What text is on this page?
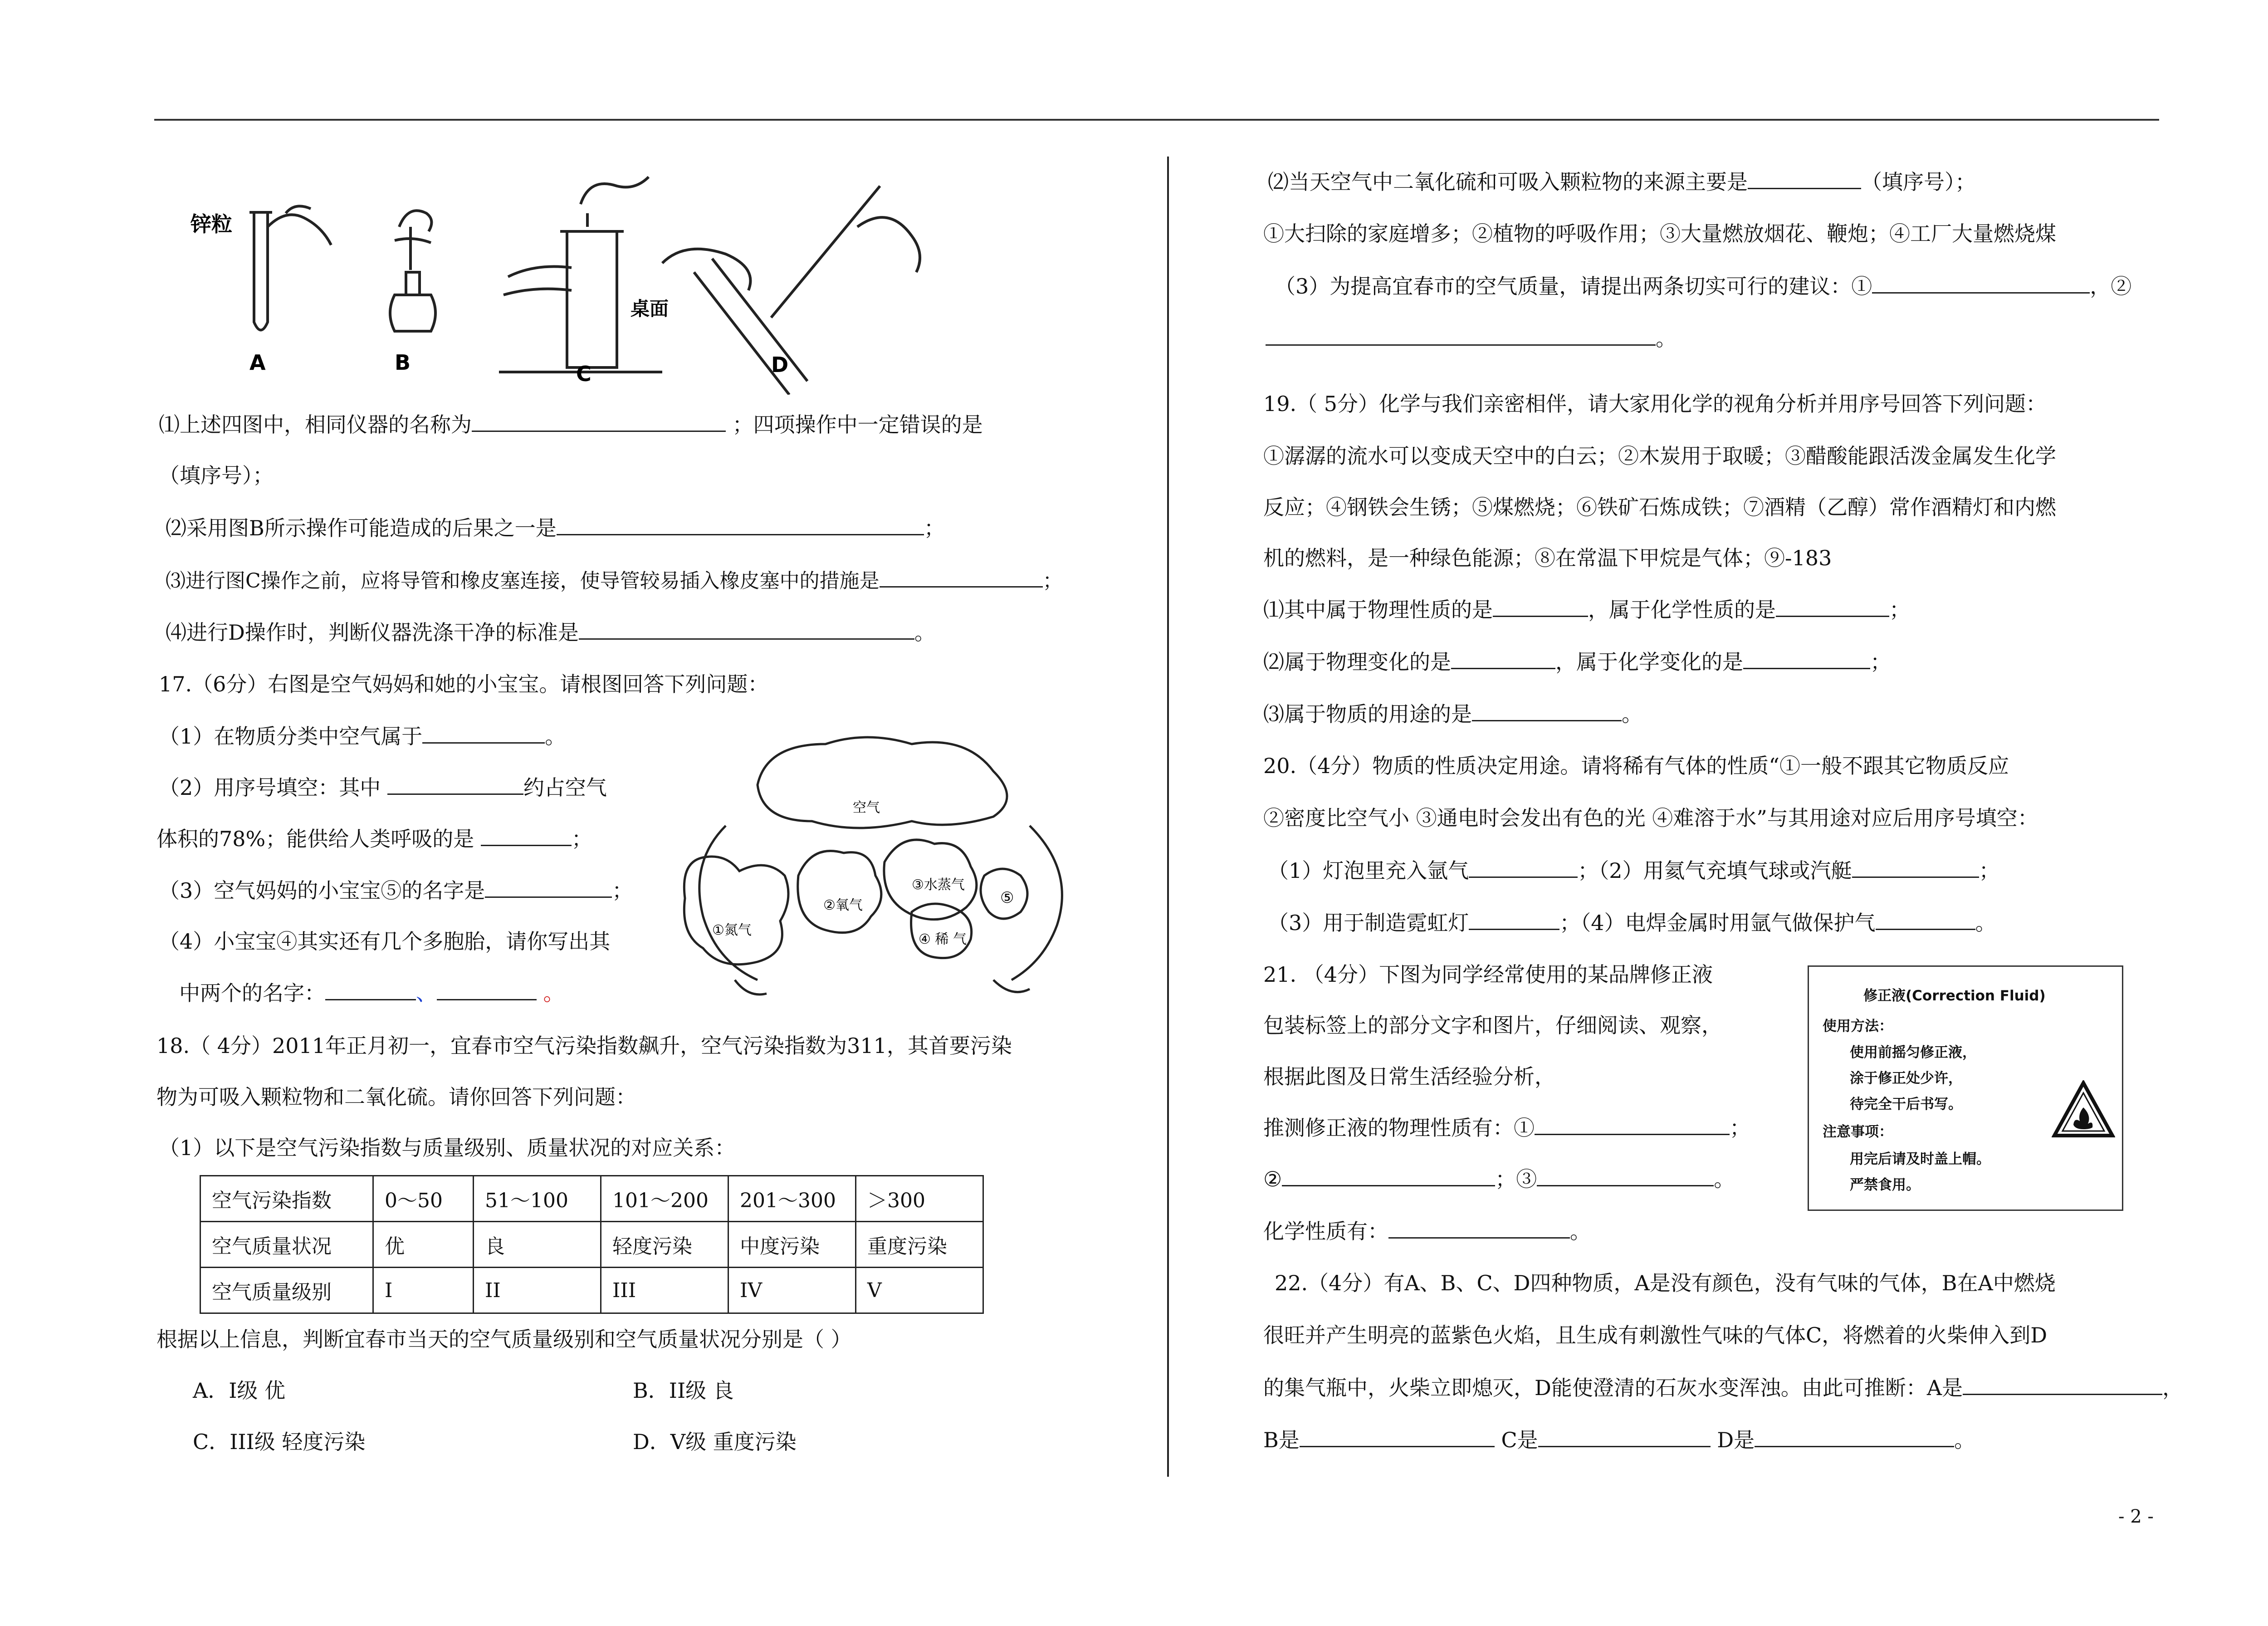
锌粒
桌面
A	B	C	D
⑴上述四图中，相同仪器的名称为	；四项操作中一定错误的是
（填序号）；
⑵采用图B所示操作可能造成的后果之一是	；
⑶进行图C操作之前，应将导管和橡皮塞连接，使导管较易插入橡皮塞中的措施是	；
⑷进行D操作时，判断仪器洗涤干净的标准是	。
17.（6分）右图是空气妈妈和她的小宝宝。请根图回答下列问题：
（1）在物质分类中空气属于	。
（2）用序号填空：其中	约占空气
体积的78%；能供给人类呼吸的是	；
（3）空气妈妈的小宝宝⑤的名字是	；
（4）小宝宝④其实还有几个多胞胎，请你写出其
中两个的名字：	、	。
空气
①氮气
②氧气
③水蒸气
④ 稀 气
⑤
18.（ 4分）2011年正月初一，宜春市空气污染指数飙升，空气污染指数为311，其首要污染
物为可吸入颗粒物和二氧化硫。请你回答下列问题：
（1）以下是空气污染指数与质量级别、质量状况的对应关系：
空气污染指数	0～50	51～100	101～200	201～300	＞300
空气质量状况	优	良	轻度污染	中度污染	重度污染
空气质量级别	I	II	III	IV	V
根据以上信息，判断宜春市当天的空气质量级别和空气质量状况分别是（ ）
A．I级 优	B．II级 良
C．III级 轻度污染	D．V级 重度污染
⑵当天空气中二氧化硫和可吸入颗粒物的来源主要是	（填序号）；
①大扫除的家庭增多；②植物的呼吸作用；③大量燃放烟花、鞭炮；④工厂大量燃烧煤
（3）为提高宜春市的空气质量，请提出两条切实可行的建议：①	，②
。
19.（ 5分）化学与我们亲密相伴，请大家用化学的视角分析并用序号回答下列问题：
①潺潺的流水可以变成天空中的白云；②木炭用于取暖；③醋酸能跟活泼金属发生化学
反应；④钢铁会生锈；⑤煤燃烧；⑥铁矿石炼成铁；⑦酒精（乙醇）常作酒精灯和内燃
机的燃料，是一种绿色能源；⑧在常温下甲烷是气体；⑨-183
⑴其中属于物理性质的是	，属于化学性质的是	；
⑵属于物理变化的是	，属于化学变化的是	；
⑶属于物质的用途的是	。
20.（4分）物质的性质决定用途。请将稀有气体的性质“①一般不跟其它物质反应
②密度比空气小 ③通电时会发出有色的光 ④难溶于水”与其用途对应后用序号填空：
（1）灯泡里充入氩气	；（2）用氦气充填气球或汽艇	；
（3）用于制造霓虹灯	；（4）电焊金属时用氩气做保护气	。
21. （4分）下图为同学经常使用的某品牌修正液
包装标签上的部分文字和图片，仔细阅读、观察，
根据此图及日常生活经验分析，
推测修正液的物理性质有：①	；
②	；③	。
化学性质有：	。
修正液(Correction Fluid)
使用方法：
使用前摇匀修正液，
涂于修正处少许，
待完全干后书写。
注意事项：
用完后请及时盖上帽。
严禁食用。
22.（4分）有A、B、C、D四种物质，A是没有颜色，没有气味的气体，B在A中燃烧
很旺并产生明亮的蓝紫色火焰，且生成有刺激性气味的气体C，将燃着的火柴伸入到D
的集气瓶中，火柴立即熄灭，D能使澄清的石灰水变浑浊。由此可推断：A是	，
B是	C是	D是	。
- 2 -
